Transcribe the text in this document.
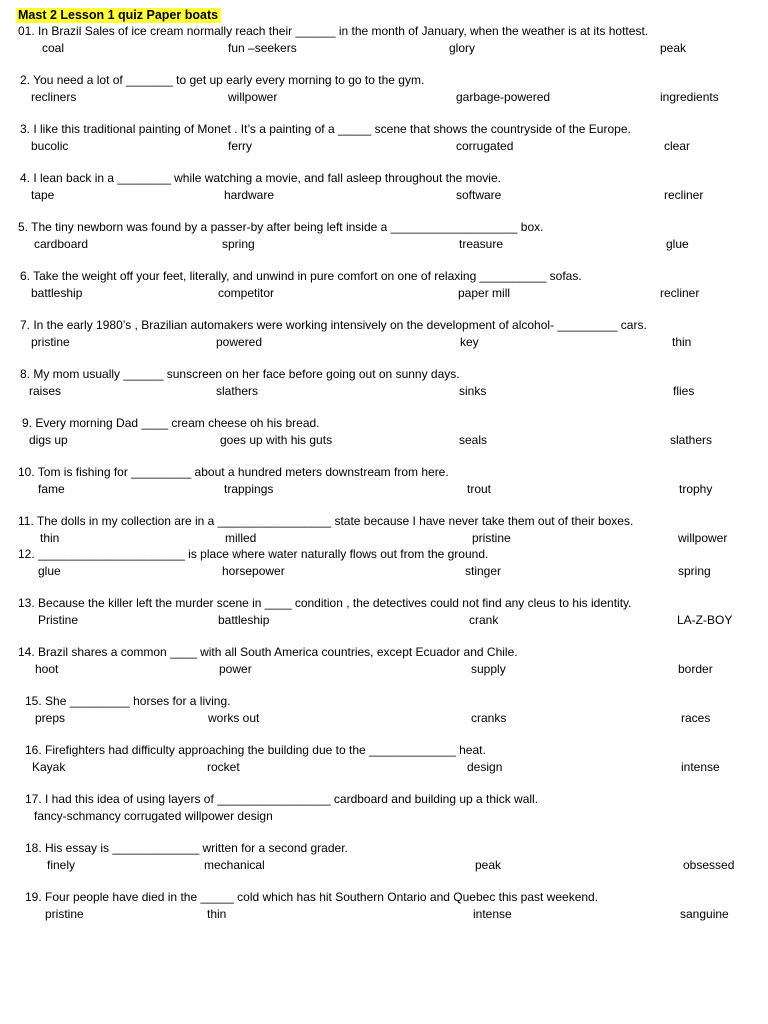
Mast 2 Lesson 1 quiz Paper boats
01. In Brazil Sales of ice cream normally reach their ______ in the month of January, when the weather is at its hottest.
coal	fun –seekers	glory	peak
2. You need a lot of _______ to get up early every morning to go to the gym.
recliners	willpower	garbage-powered	ingredients
3. I like this traditional painting of Monet . It’s a painting of a _____ scene that shows the countryside of the Europe.
bucolic	ferry	corrugated	clear
4. I lean back in a ________ while watching a movie, and fall asleep throughout the movie.
tape	hardware	software	recliner
5. The tiny newborn was found by a passer-by after being left inside a ___________________ box.
cardboard	spring	treasure	glue
6. Take the weight off your feet, literally, and unwind in pure comfort on one of relaxing __________ sofas.
battleship	competitor	paper mill	recliner
7. In the early 1980’s , Brazilian automakers were working intensively on the development of alcohol- _________ cars.
pristine	powered	key	thin
8. My mom usually ______ sunscreen on her face before going out on sunny days.
raises	slathers	sinks	flies
9. Every morning Dad ____ cream cheese oh his bread.
digs up	goes up with his guts	seals	slathers
10. Tom is fishing for _________ about a hundred meters downstream from here.
fame	trappings	trout	trophy
11. The dolls in my collection are in a _________________ state because I have never take them out of their boxes.
thin	milled	pristine	willpower
12. ______________________ is place where water naturally flows out from the ground.
glue	horsepower	stinger	spring
13. Because the killer left the murder scene in ____ condition , the detectives could not find any cleus to his identity.
Pristine	battleship	crank	LA-Z-BOY
14. Brazil shares a common ____ with all South America countries, except Ecuador and Chile.
hoot	power	supply	border
15. She _________ horses for a living.
preps	works out	cranks	races
16. Firefighters had difficulty approaching the building due to the _____________ heat.
Kayak	rocket	design	intense
17. I had this idea of using layers of _________________ cardboard and building up a thick wall.
fancy-schmancy corrugated willpower design
18. His essay is _____________ written for a second grader.
finely	mechanical	peak	obsessed
19. Four people have died in the _____ cold which has hit Southern Ontario and Quebec this past weekend.
pristine	thin	intense	sanguine
